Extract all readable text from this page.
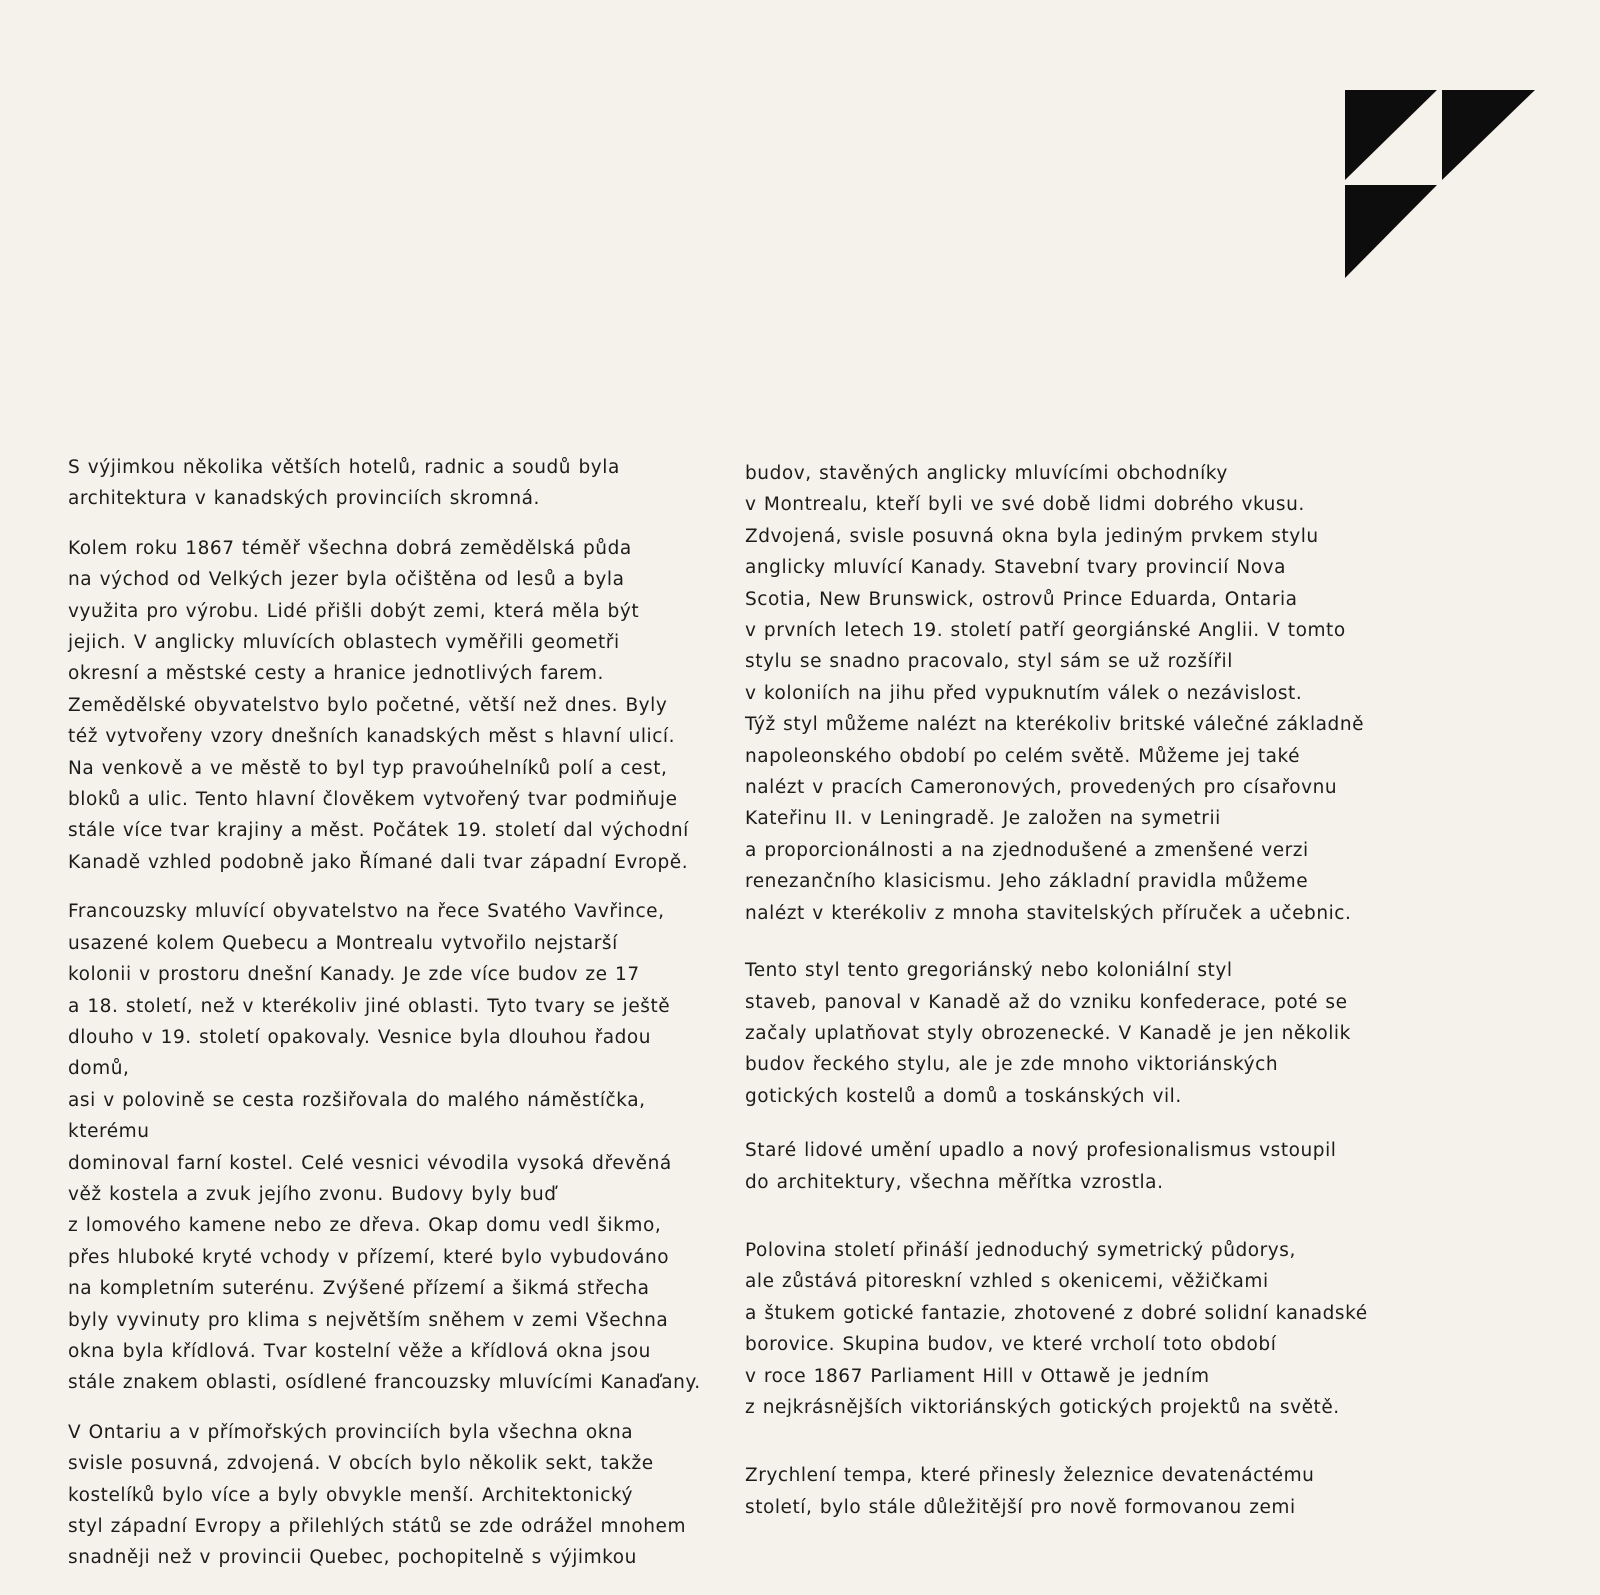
S výjimkou několika větších hotelů, radnic a soudů byla
architektura v kanadských provinciích skromná.

Kolem roku 1867 téměř všechna dobrá zemědělská půda
na východ od Velkých jezer byla očištěna od lesů a byla
využita pro výrobu. Lidé přišli dobýt zemi, která měla být
jejich. V anglicky mluvících oblastech vyměřili geometři
okresní a městské cesty a hranice jednotlivých farem.
Zemědělské obyvatelstvo bylo početné, větší než dnes. Byly
též vytvořeny vzory dnešních kanadských měst s hlavní ulicí.
Na venkově a ve městě to byl typ pravoúhelníků polí a cest,
bloků a ulic. Tento hlavní člověkem vytvořený tvar podmiňuje
stále více tvar krajiny a měst. Počátek 19. století dal východní
Kanadě vzhled podobně jako Římané dali tvar západní Evropě.

Francouzsky mluvící obyvatelstvo na řece Svatého Vavřince,
usazené kolem Quebecu a Montrealu vytvořilo nejstarší
kolonii v prostoru dnešní Kanady. Je zde více budov ze 17
a 18. století, než v kterékoliv jiné oblasti. Tyto tvary se ještě
dlouho v 19. století opakovaly. Vesnice byla dlouhou řadou domů,
asi v polovině se cesta rozšiřovala do malého náměstíčka, kterému
dominoval farní kostel. Celé vesnici vévodila vysoká dřevěná
věž kostela a zvuk jejího zvonu. Budovy byly buď
z lomového kamene nebo ze dřeva. Okap domu vedl šikmo,
přes hluboké kryté vchody v přízemí, které bylo vybudováno
na kompletním suterénu. Zvýšené přízemí a šikmá střecha
byly vyvinuty pro klima s největším sněhem v zemi Všechna
okna byla křídlová. Tvar kostelní věže a křídlová okna jsou
stále znakem oblasti, osídlené francouzsky mluvícími Kanaďany.

V Ontariu a v přímořských provinciích byla všechna okna
svisle posuvná, zdvojená. V obcích bylo několik sekt, takže
kostelíků bylo více a byly obvykle menší. Architektonický
styl západní Evropy a přilehlých států se zde odrážel mnohem
snadněji než v provincii Quebec, pochopitelně s výjimkou

budov, stavěných anglicky mluvícími obchodníky
v Montrealu, kteří byli ve své době lidmi dobrého vkusu.
Zdvojená, svisle posuvná okna byla jediným prvkem stylu
anglicky mluvící Kanady. Stavební tvary provincií Nova
Scotia, New Brunswick, ostrovů Prince Eduarda, Ontaria
v prvních letech 19. století patří georgiánské Anglii. V tomto
stylu se snadno pracovalo, styl sám se už rozšířil
v koloniích na jihu před vypuknutím válek o nezávislost.
Týž styl můžeme nalézt na kterékoliv britské válečné základně
napoleonského období po celém světě. Můžeme jej také
nalézt v pracích Cameronových, provedených pro císařovnu
Kateřinu II. v Leningradě. Je založen na symetrii
a proporcionálnosti a na zjednodušené a zmenšené verzi
renezančního klasicismu. Jeho základní pravidla můžeme
nalézt v kterékoliv z mnoha stavitelských příruček a učebnic.

Tento styl tento gregoriánský nebo koloniální styl
staveb, panoval v Kanadě až do vzniku konfederace, poté se
začaly uplatňovat styly obrozenecké. V Kanadě je jen několik
budov řeckého stylu, ale je zde mnoho viktoriánských
gotických kostelů a domů a toskánských vil.

Staré lidové umění upadlo a nový profesionalismus vstoupil
do architektury, všechna měřítka vzrostla.

Polovina století přináší jednoduchý symetrický půdorys,
ale zůstává pitoreskní vzhled s okenicemi, věžičkami
a štukem gotické fantazie, zhotovené z dobré solidní kanadské
borovice. Skupina budov, ve které vrcholí toto období
v roce 1867 Parliament Hill v Ottawě je jedním
z nejkrásnějších viktoriánských gotických projektů na světě.

Zrychlení tempa, které přinesly železnice devatenáctému
století, bylo stále důležitější pro nově formovanou zemi
